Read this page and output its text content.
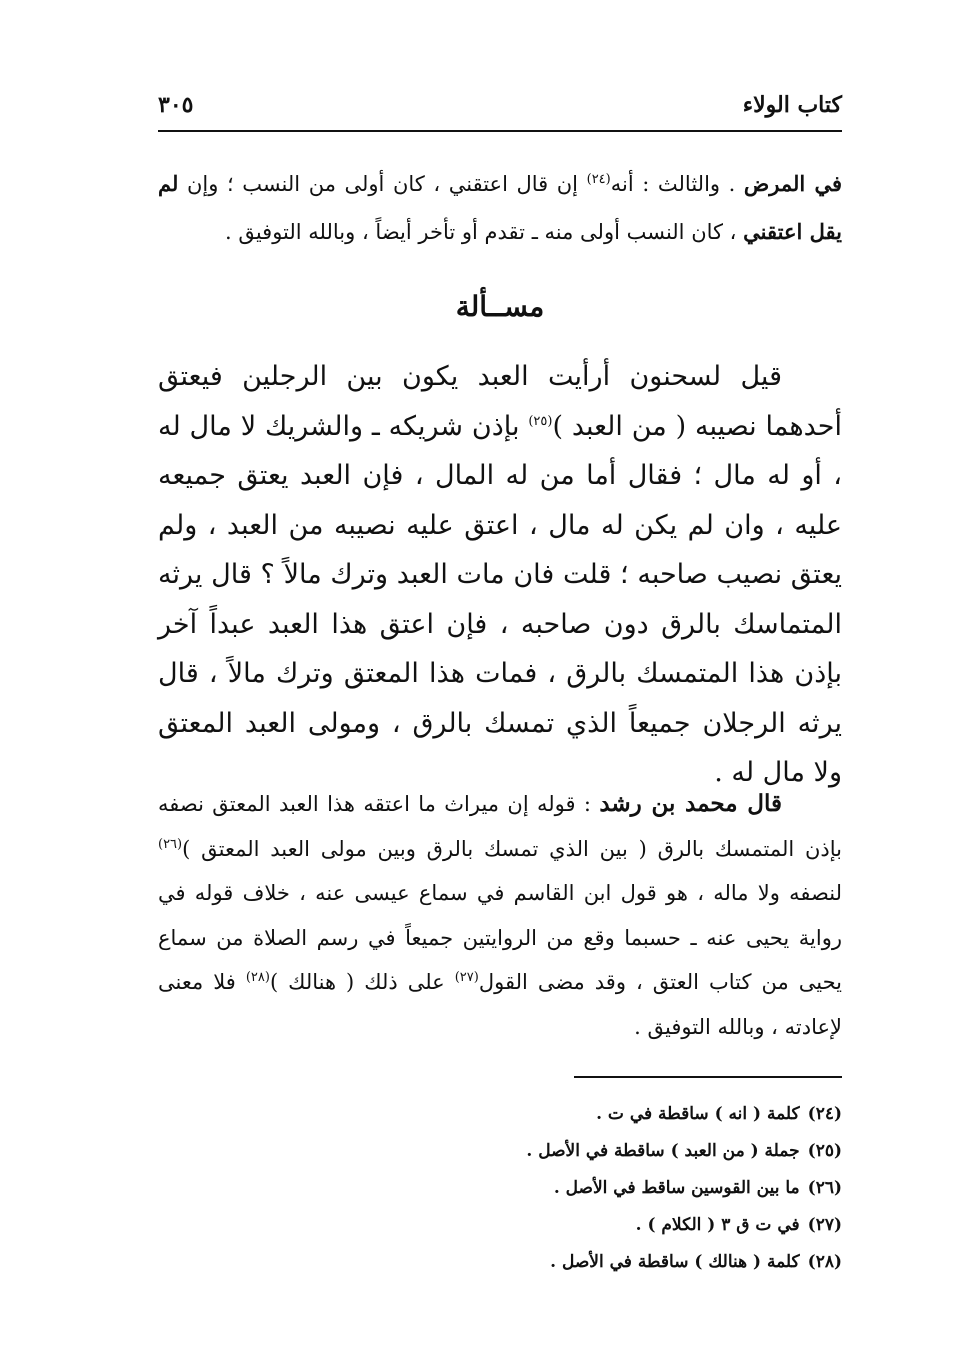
كتاب الولاء
٣٠٥

في المرض . والثالث : أنه$^{(٢٤)}$ إن قال اعتقني ، كان أولى من النسب ؛ وإن لم يقل اعتقني ، كان النسب أولى منه ـ تقدم أو تأخر أيضاً ، وبالله التوفيق .

مســألة

قيل لسحنون أرأيت العبد يكون بين الرجلين فيعتق أحدهما نصيبه ( من العبد )$^{(٢٥)}$ بإذن شريكه ـ والشريك لا مال له ، أو له مال ؛ فقال أما من له المال ، فإن العبد يعتق جميعه عليه ، وان لم يكن له مال ، اعتق عليه نصيبه من العبد ، ولم يعتق نصيب صاحبه ؛ قلت فان مات العبد وترك مالاً ؟ قال يرثه المتماسك بالرق دون صاحبه ، فإن اعتق هذا العبد عبداً آخر بإذن هذا المتمسك بالرق ، فمات هذا المعتق وترك مالاً ، قال يرثه الرجلان جميعاً الذي تمسك بالرق ، ومولى العبد المعتق ولا مال له .

قال محمد بن رشد : قوله إن ميراث ما اعتقه هذا العبد المعتق نصفه بإذن المتمسك بالرق ( بين الذي تمسك بالرق وبين مولى العبد المعتق )$^{(٢٦)}$ لنصفه ولا ماله ، هو قول ابن القاسم في سماع عيسى عنه ، خلاف قوله في رواية يحيى عنه ـ حسبما وقع من الروايتين جميعاً في رسم الصلاة من سماع يحيى من كتاب العتق ، وقد مضى القول$^{(٢٧)}$ على ذلك ( هنالك )$^{(٢٨)}$ فلا معنى لإعادته ، وبالله التوفيق .

(٢٤)كلمة ( انه ) ساقطة في ت .
(٢٥)جملة ( من العبد ) ساقطة في الأصل .
(٢٦)ما بين القوسين ساقط في الأصل .
(٢٧)في ت ق ٣ ( الكلام ) .
(٢٨)كلمة ( هنالك ) ساقطة في الأصل .
